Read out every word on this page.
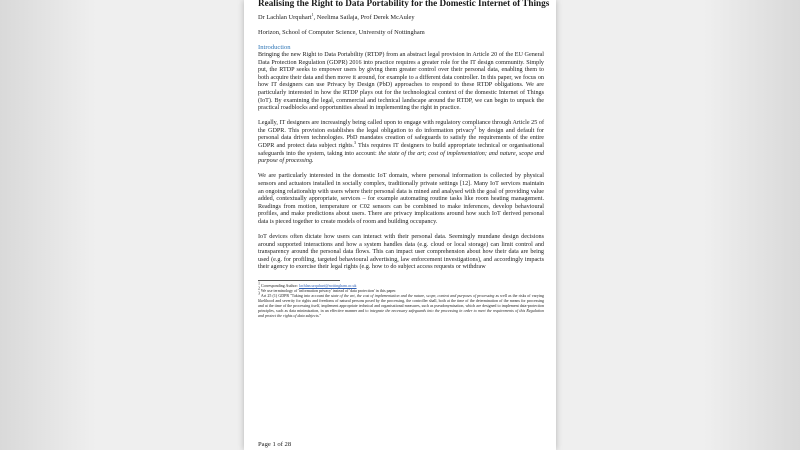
Realising the Right to Data Portability for the Domestic Internet of Things
Dr Lachlan Urquhart$^1$, Neelima Sailaja, Prof Derek McAuley
Horizon, School of Computer Science, University of Nottingham
Introduction

Bringing the new Right to Data Portability (RTDP) from an abstract legal provision in Article 20 of the EU General Data Protection Regulation (GDPR) 2016 into practice requires a greater role for the IT design community. Simply put, the RTDP seeks to empower users by giving them greater control over their personal data, enabling them to both acquire their data and then move it around, for example to a different data controller. In this paper, we focus on how IT designers can use Privacy by Design (PbD) approaches to respond to these RTDP obligations. We are particularly interested in how the RTDP plays out for the technological context of the domestic Internet of Things (IoT). By examining the legal, commercial and technical landscape around the RTDP, we can begin to unpack the practical roadblocks and opportunities ahead in implementing the right in practice.

Legally, IT designers are increasingly being called upon to engage with regulatory compliance through Article 25 of the GDPR. This provision establishes the legal obligation to do information privacy$^2$ by design and default for personal data driven technologies. PbD mandates creation of safeguards to satisfy the requirements of the entire GDPR and protect data subject rights.$^3$ This requires IT designers to build appropriate technical or organisational safeguards into the system, taking into account: the state of the art; cost of implementation; and nature, scope and purpose of processing.

We are particularly interested in the domestic IoT domain, where personal information is collected by physical sensors and actuators installed in socially complex, traditionally private settings [12]. Many IoT services maintain an ongoing relationship with users where their personal data is mined and analysed with the goal of providing value added, contextually appropriate, services – for example automating routine tasks like room heating management. Readings from motion, temperature or C02 sensors can be combined to make inferences, develop behavioural profiles, and make predictions about users. There are privacy implications around how such IoT derived personal data is pieced together to create models of room and building occupancy.

IoT devices often dictate how users can interact with their personal data. Seemingly mundane design decisions around supported interactions and how a system handles data (e.g. cloud or local storage) can limit control and transparency around the personal data flows. This can impact user comprehension about how their data are being used (e.g. for profiling, targeted behavioural advertising, law enforcement investigations), and accordingly impacts their agency to exercise their legal rights (e.g. how to do subject access requests or withdraw

$^1$ Corresponding Author: lachlan.urquhart@nottingham.ac.uk

$^2$ We use terminology of 'information privacy' instead of 'data protection' in this paper.

$^3$ Art 25 (1) GDPR "Taking into account the state of the art, the cost of implementation and the nature, scope, context and purposes of processing as well as the risks of varying likelihood and severity for rights and freedoms of natural persons posed by the processing, the controller shall, both at the time of the determination of the means for processing and at the time of the processing itself, implement appropriate technical and organisational measures, such as pseudonymisation, which are designed to implement data-protection principles, such as data minimisation, in an effective manner and to integrate the necessary safeguards into the processing in order to meet the requirements of this Regulation and protect the rights of data subjects."

Page 1 of 28
